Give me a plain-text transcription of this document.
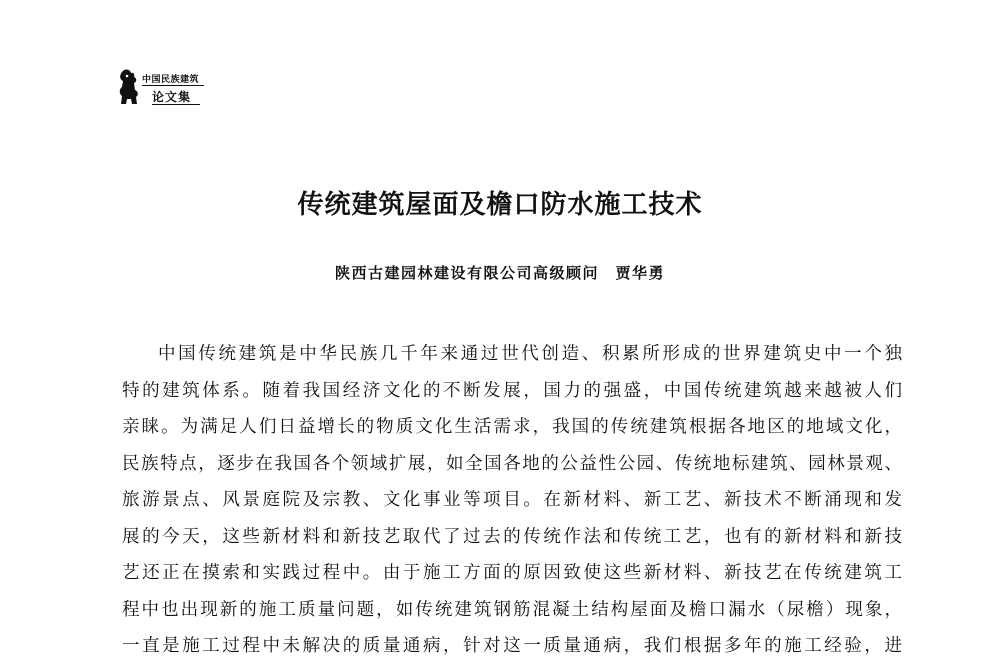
中国民族建筑
论文集
传统建筑屋面及檐口防水施工技术
陕西古建园林建设有限公司高级顾问　贾华勇
中国传统建筑是中华民族几千年来通过世代创造、积累所形成的世界建筑史中一个独
特的建筑体系。随着我国经济文化的不断发展，国力的强盛，中国传统建筑越来越被人们
亲睐。为满足人们日益增长的物质文化生活需求，我国的传统建筑根据各地区的地域文化，
民族特点，逐步在我国各个领域扩展，如全国各地的公益性公园、传统地标建筑、园林景观、
旅游景点、风景庭院及宗教、文化事业等项目。在新材料、新工艺、新技术不断涌现和发
展的今天，这些新材料和新技艺取代了过去的传统作法和传统工艺，也有的新材料和新技
艺还正在摸索和实践过程中。由于施工方面的原因致使这些新材料、新技艺在传统建筑工
程中也出现新的施工质量问题，如传统建筑钢筋混凝土结构屋面及檐口漏水（尿檐）现象，
一直是施工过程中未解决的质量通病，针对这一质量通病，我们根据多年的施工经验，进
